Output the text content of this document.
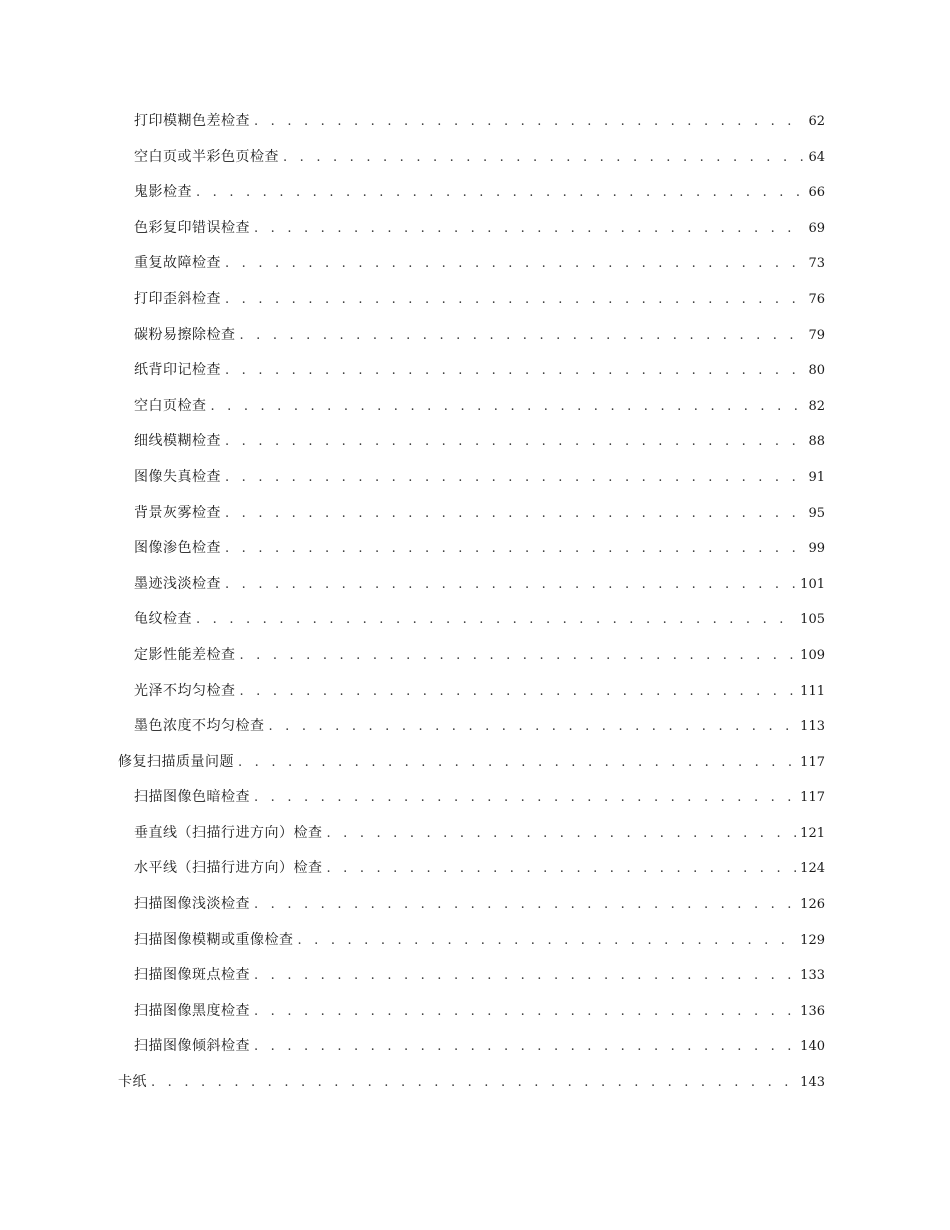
打印模糊色差检查 . . .	62
空白页或半彩色页检查 . . .	64
鬼影检查 . . .	66
色彩复印错误检查 . . .	69
重复故障检查 . . .	73
打印歪斜检查 . . .	76
碳粉易擦除检查 . . .	79
纸背印记检查 . . .	80
空白页检查 . . .	82
细线模糊检查 . . .	88
图像失真检查 . . .	91
背景灰雾检查 . . .	95
图像渗色检查 . . .	99
墨迹浅淡检查 . . .	101
龟纹检查 . . .	105
定影性能差检查 . . .	109
光泽不均匀检查 . . .	111
墨色浓度不均匀检查 . . .	113
修复扫描质量问题 . . .	117
扫描图像色暗检查 . . .	117
垂直线（扫描行进方向）检查 . . .	121
水平线（扫描行进方向）检查 . . .	124
扫描图像浅淡检查 . . .	126
扫描图像模糊或重像检查 . . .	129
扫描图像斑点检查 . . .	133
扫描图像黑度检查 . . .	136
扫描图像倾斜检查 . . .	140
卡纸 . . .	143
